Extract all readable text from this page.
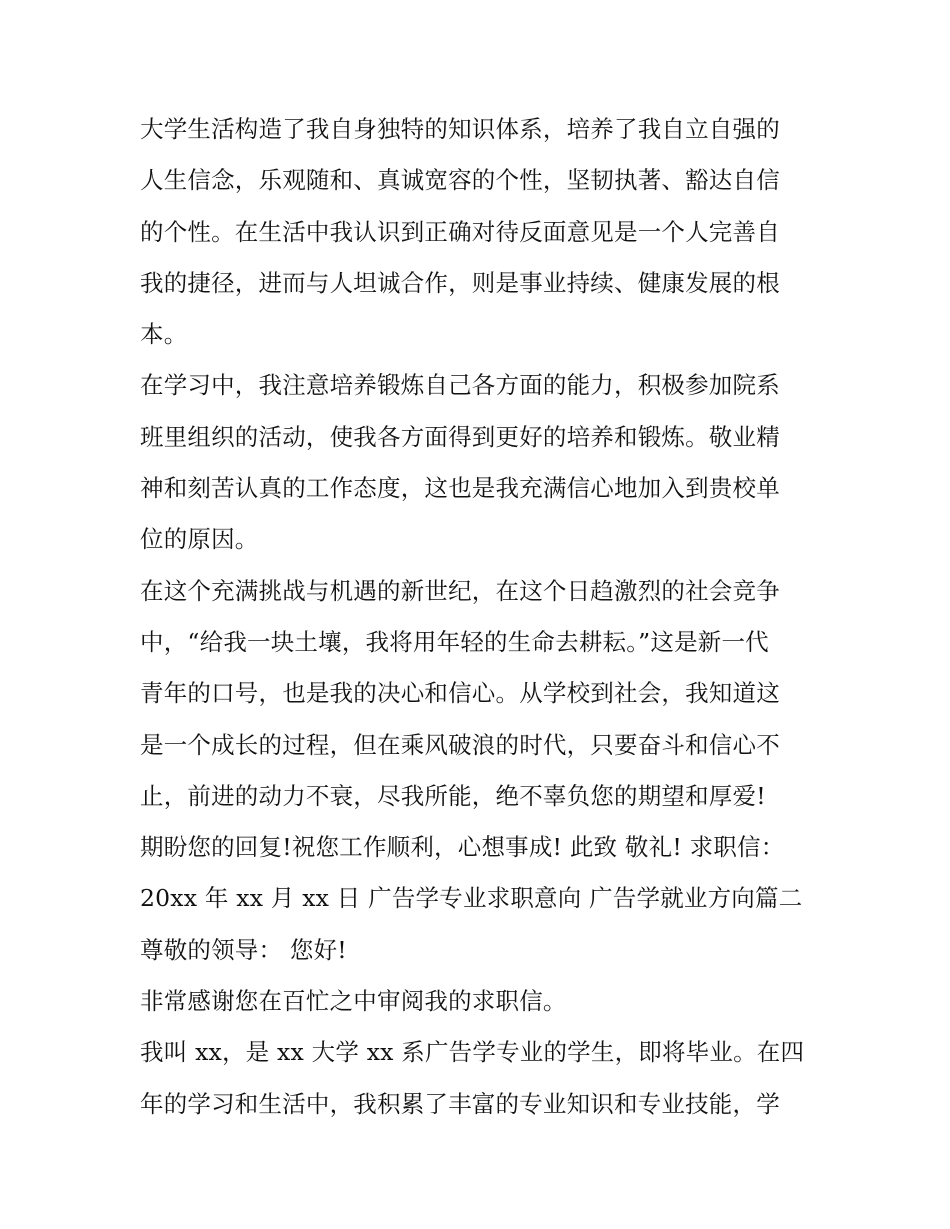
大学生活构造了我自身独特的知识体系，培养了我自立自强的
人生信念，乐观随和、真诚宽容的个性，坚韧执著、豁达自信
的个性。在生活中我认识到正确对待反面意见是一个人完善自
我的捷径，进而与人坦诚合作，则是事业持续、健康发展的根
本。

在学习中，我注意培养锻炼自己各方面的能力，积极参加院系
班里组织的活动，使我各方面得到更好的培养和锻炼。敬业精
神和刻苦认真的工作态度，这也是我充满信心地加入到贵校单
位的原因。

在这个充满挑战与机遇的新世纪，在这个日趋激烈的社会竞争
中，“给我一块土壤，我将用年轻的生命去耕耘。”这是新一代
青年的口号，也是我的决心和信心。从学校到社会，我知道这
是一个成长的过程，但在乘风破浪的时代，只要奋斗和信心不
止，前进的动力不衰，尽我所能，绝不辜负您的期望和厚爱!

期盼您的回复!祝您工作顺利，心想事成! 此致 敬礼! 求职信：
20xx 年 xx 月 xx 日 广告学专业求职意向 广告学就业方向篇二
尊敬的领导： 您好!

非常感谢您在百忙之中审阅我的求职信。

我叫 xx，是 xx 大学 xx 系广告学专业的学生，即将毕业。在四
年的学习和生活中，我积累了丰富的专业知识和专业技能，学
